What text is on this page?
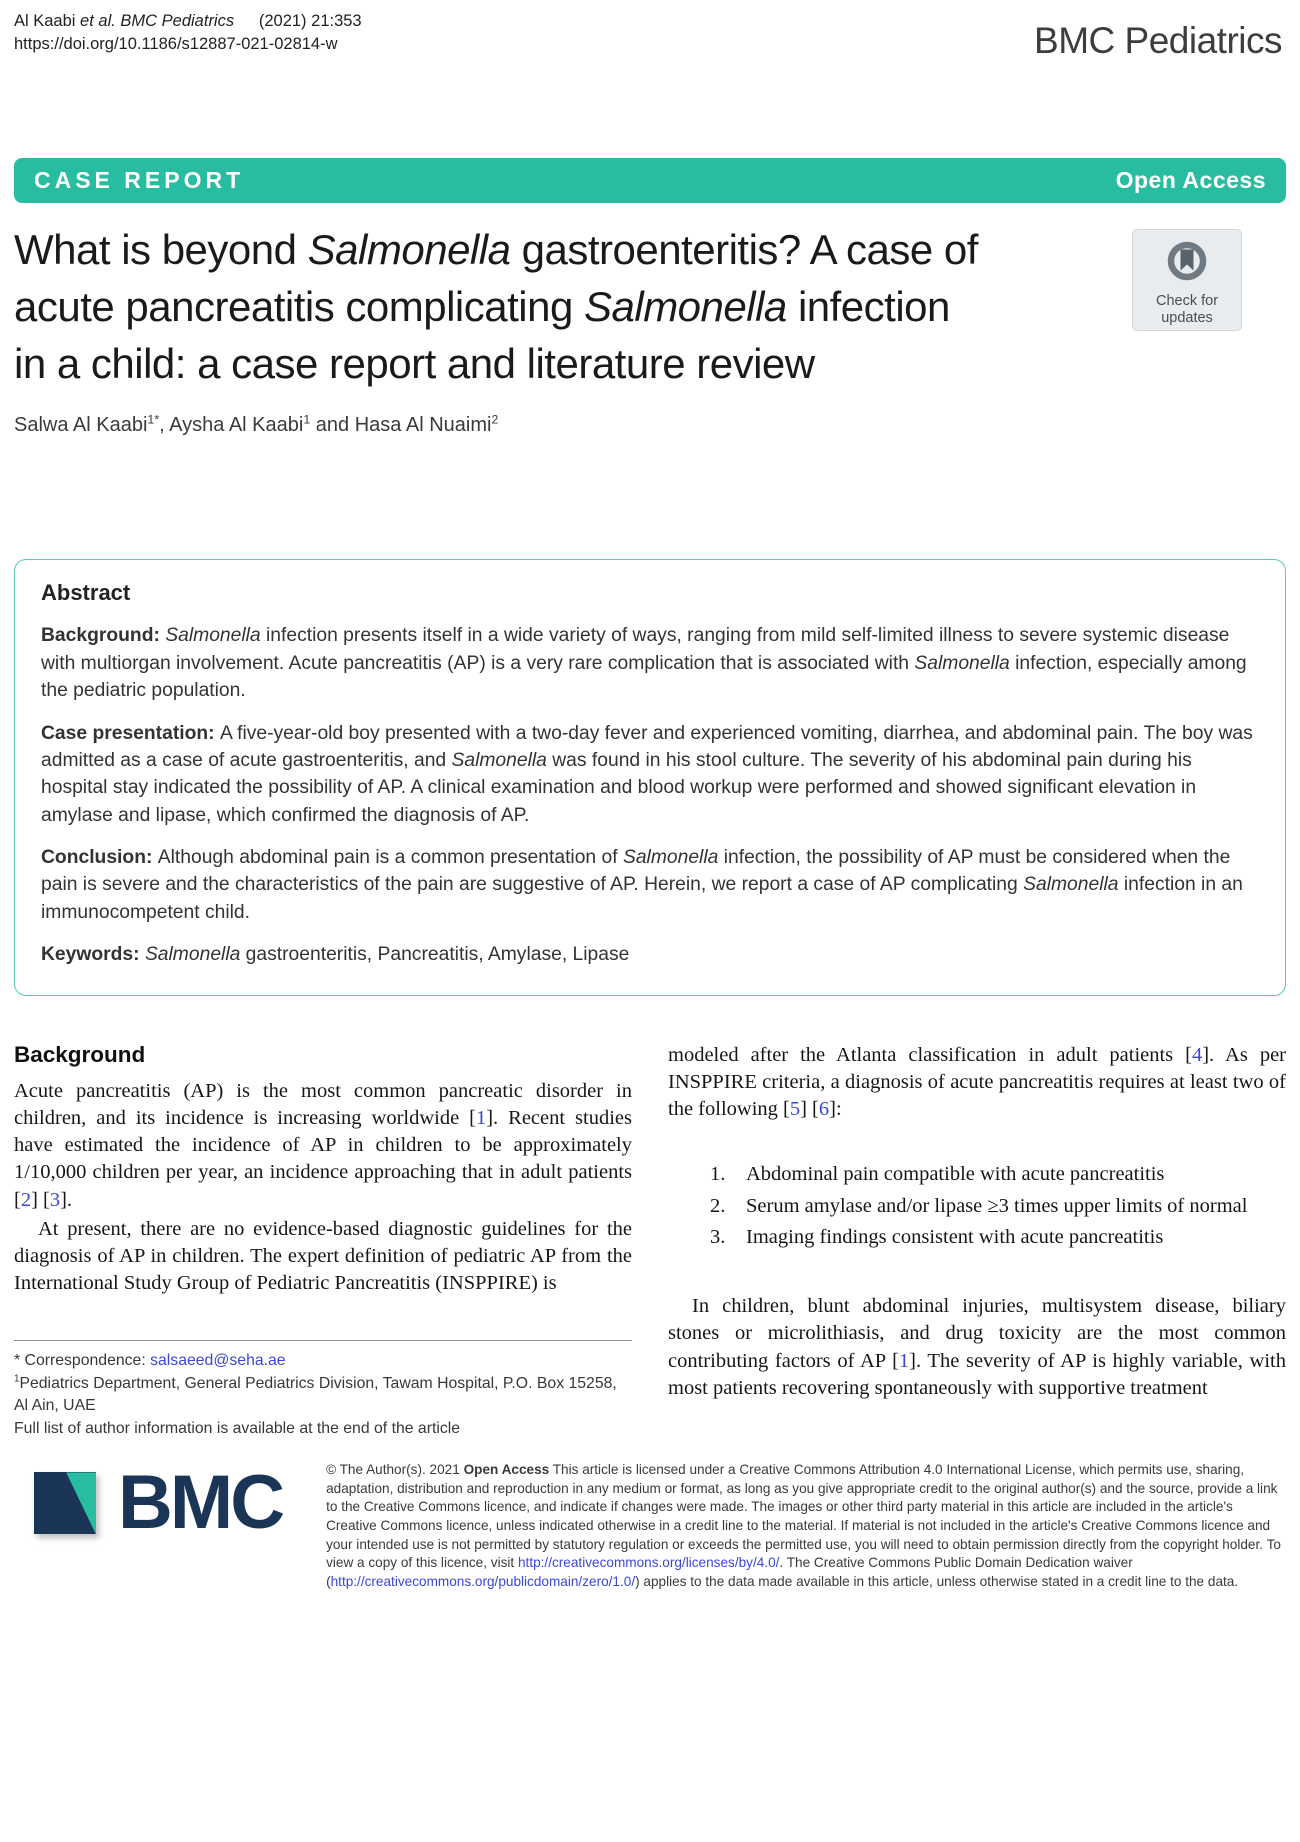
Al Kaabi et al. BMC Pediatrics  (2021) 21:353
https://doi.org/10.1186/s12887-021-02814-w	BMC Pediatrics
CASE REPORT	Open Access
What is beyond Salmonella gastroenteritis? A case of acute pancreatitis complicating Salmonella infection in a child: a case report and literature review
Salwa Al Kaabi$^{1*}$, Aysha Al Kaabi$^1$ and Hasa Al Nuaimi$^2$
Check for
updates
Abstract

Background: Salmonella infection presents itself in a wide variety of ways, ranging from mild self-limited illness to severe systemic disease with multiorgan involvement. Acute pancreatitis (AP) is a very rare complication that is associated with Salmonella infection, especially among the pediatric population.

Case presentation: A five-year-old boy presented with a two-day fever and experienced vomiting, diarrhea, and abdominal pain. The boy was admitted as a case of acute gastroenteritis, and Salmonella was found in his stool culture. The severity of his abdominal pain during his hospital stay indicated the possibility of AP. A clinical examination and blood workup were performed and showed significant elevation in amylase and lipase, which confirmed the diagnosis of AP.

Conclusion: Although abdominal pain is a common presentation of Salmonella infection, the possibility of AP must be considered when the pain is severe and the characteristics of the pain are suggestive of AP. Herein, we report a case of AP complicating Salmonella infection in an immunocompetent child.

Keywords: Salmonella gastroenteritis, Pancreatitis, Amylase, Lipase

Background

Acute pancreatitis (AP) is the most common pancreatic disorder in children, and its incidence is increasing worldwide [1]. Recent studies have estimated the incidence of AP in children to be approximately 1/10,000 children per year, an incidence approaching that in adult patients [2] [3].

At present, there are no evidence-based diagnostic guidelines for the diagnosis of AP in children. The expert definition of pediatric AP from the International Study Group of Pediatric Pancreatitis (INSPPIRE) is

* Correspondence: salsaeed@seha.ae
$^1$Pediatrics Department, General Pediatrics Division, Tawam Hospital, P.O. Box 15258, Al Ain, UAE
Full list of author information is available at the end of the article

modeled after the Atlanta classification in adult patients [4]. As per INSPPIRE criteria, a diagnosis of acute pancreatitis requires at least two of the following [5] [6]:

1.	Abdominal pain compatible with acute pancreatitis
2.	Serum amylase and/or lipase ≥3 times upper limits of normal
3.	Imaging findings consistent with acute pancreatitis

In children, blunt abdominal injuries, multisystem disease, biliary stones or microlithiasis, and drug toxicity are the most common contributing factors of AP [1]. The severity of AP is highly variable, with most patients recovering spontaneously with supportive treatment

BMC	© The Author(s). 2021 Open Access This article is licensed under a Creative Commons Attribution 4.0 International License, which permits use, sharing, adaptation, distribution and reproduction in any medium or format, as long as you give appropriate credit to the original author(s) and the source, provide a link to the Creative Commons licence, and indicate if changes were made. The images or other third party material in this article are included in the article's Creative Commons licence, unless indicated otherwise in a credit line to the material. If material is not included in the article's Creative Commons licence and your intended use is not permitted by statutory regulation or exceeds the permitted use, you will need to obtain permission directly from the copyright holder. To view a copy of this licence, visit http://creativecommons.org/licenses/by/4.0/. The Creative Commons Public Domain Dedication waiver (http://creativecommons.org/publicdomain/zero/1.0/) applies to the data made available in this article, unless otherwise stated in a credit line to the data.
